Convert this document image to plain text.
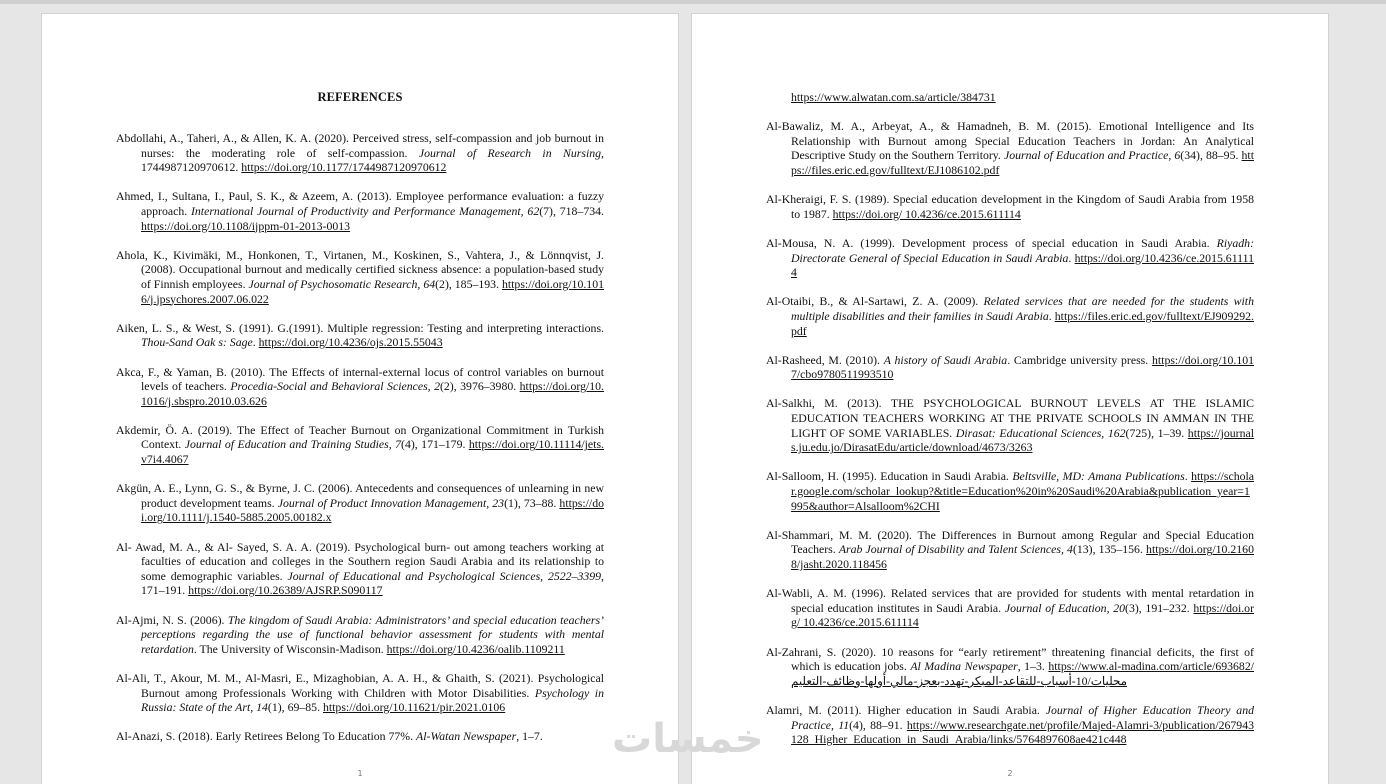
REFERENCES
Abdollahi, A., Taheri, A., & Allen, K. A. (2020). Perceived stress, self-compassion and job burnout in nurses: the moderating role of self-compassion. Journal of Research in Nursing, 1744987120970612. https://doi.org/10.1177/1744987120970612
Ahmed, I., Sultana, I., Paul, S. K., & Azeem, A. (2013). Employee performance evaluation: a fuzzy approach. International Journal of Productivity and Performance Management, 62(7), 718–734. https://doi.org/10.1108/ijppm-01-2013-0013
Ahola, K., Kivimäki, M., Honkonen, T., Virtanen, M., Koskinen, S., Vahtera, J., & Lönnqvist, J. (2008). Occupational burnout and medically certified sickness absence: a population-based study of Finnish employees. Journal of Psychosomatic Research, 64(2), 185–193. https://doi.org/10.1016/j.jpsychores.2007.06.022
Aiken, L. S., & West, S. (1991). G.(1991). Multiple regression: Testing and interpreting interactions. Thou-Sand Oak s: Sage. https://doi.org/10.4236/ojs.2015.55043
Akca, F., & Yaman, B. (2010). The Effects of internal-external locus of control variables on burnout levels of teachers. Procedia-Social and Behavioral Sciences, 2(2), 3976–3980. https://doi.org/10.1016/j.sbspro.2010.03.626
Akdemir, Ö. A. (2019). The Effect of Teacher Burnout on Organizational Commitment in Turkish Context. Journal of Education and Training Studies, 7(4), 171–179. https://doi.org/10.11114/jets.v7i4.4067
Akgün, A. E., Lynn, G. S., & Byrne, J. C. (2006). Antecedents and consequences of unlearning in new product development teams. Journal of Product Innovation Management, 23(1), 73–88. https://doi.org/10.1111/j.1540-5885.2005.00182.x
Al- Awad, M. A., & Al- Sayed, S. A. A. (2019). Psychological burn- out among teachers working at faculties of education and colleges in the Southern region Saudi Arabia and its relationship to some demographic variables. Journal of Educational and Psychological Sciences, 2522–3399, 171–191. https://doi.org/10.26389/AJSRP.S090117
Al-Ajmi, N. S. (2006). The kingdom of Saudi Arabia: Administrators’ and special education teachers’ perceptions regarding the use of functional behavior assessment for students with mental retardation. The University of Wisconsin-Madison. https://doi.org/10.4236/oalib.1109211
Al-Ali, T., Akour, M. M., Al-Masri, E., Mizaghobian, A. A. H., & Ghaith, S. (2021). Psychological Burnout among Professionals Working with Children with Motor Disabilities. Psychology in Russia: State of the Art, 14(1), 69–85. https://doi.org/10.11621/pir.2021.0106
Al-Anazi, S. (2018). Early Retirees Belong To Education 77%. Al-Watan Newspaper, 1–7.
1
https://www.alwatan.com.sa/article/384731
Al-Bawaliz, M. A., Arbeyat, A., & Hamadneh, B. M. (2015). Emotional Intelligence and Its Relationship with Burnout among Special Education Teachers in Jordan: An Analytical Descriptive Study on the Southern Territory. Journal of Education and Practice, 6(34), 88–95. https://files.eric.ed.gov/fulltext/EJ1086102.pdf
Al-Kheraigi, F. S. (1989). Special education development in the Kingdom of Saudi Arabia from 1958 to 1987. https://doi.org/ 10.4236/ce.2015.611114
Al-Mousa, N. A. (1999). Development process of special education in Saudi Arabia. Riyadh: Directorate General of Special Education in Saudi Arabia. https://doi.org/10.4236/ce.2015.611114
Al-Otaibi, B., & Al-Sartawi, Z. A. (2009). Related services that are needed for the students with multiple disabilities and their families in Saudi Arabia. https://files.eric.ed.gov/fulltext/EJ909292.pdf
Al-Rasheed, M. (2010). A history of Saudi Arabia. Cambridge university press. https://doi.org/10.1017/cbo9780511993510
Al-Salkhi, M. (2013). THE PSYCHOLOGICAL BURNOUT LEVELS AT THE ISLAMIC EDUCATION TEACHERS WORKING AT THE PRIVATE SCHOOLS IN AMMAN IN THE LIGHT OF SOME VARIABLES. Dirasat: Educational Sciences, 162(725), 1–39. https://journals.ju.edu.jo/DirasatEdu/article/download/4673/3263
Al-Salloom, H. (1995). Education in Saudi Arabia. Beltsville, MD: Amana Publications. https://scholar.google.com/scholar_lookup?&title=Education%20in%20Saudi%20Arabia&publication_year=1995&author=Alsalloom%2CHI
Al-Shammari, M. M. (2020). The Differences in Burnout among Regular and Special Education Teachers. Arab Journal of Disability and Talent Sciences, 4(13), 135–156. https://doi.org/10.21608/jasht.2020.118456
Al-Wabli, A. M. (1996). Related services that are provided for students with mental retardation in special education institutes in Saudi Arabia. Journal of Education, 20(3), 191–232. https://doi.org/ 10.4236/ce.2015.611114
Al-Zahrani, S. (2020). 10 reasons for “early retirement” threatening financial deficits, the first of which is education jobs. Al Madina Newspaper, 1–3. https://www.al-madina.com/article/693682/محليات/10-أسباب-للتقاعد-المبكر-تهدد-بعجز-مالي-أولها-وظائف-التعليم
Alamri, M. (2011). Higher education in Saudi Arabia. Journal of Higher Education Theory and Practice, 11(4), 88–91. https://www.researchgate.net/profile/Majed-Alamri-3/publication/267943128_Higher_Education_in_Saudi_Arabia/links/5764897608ae421c448
2
خمسات
